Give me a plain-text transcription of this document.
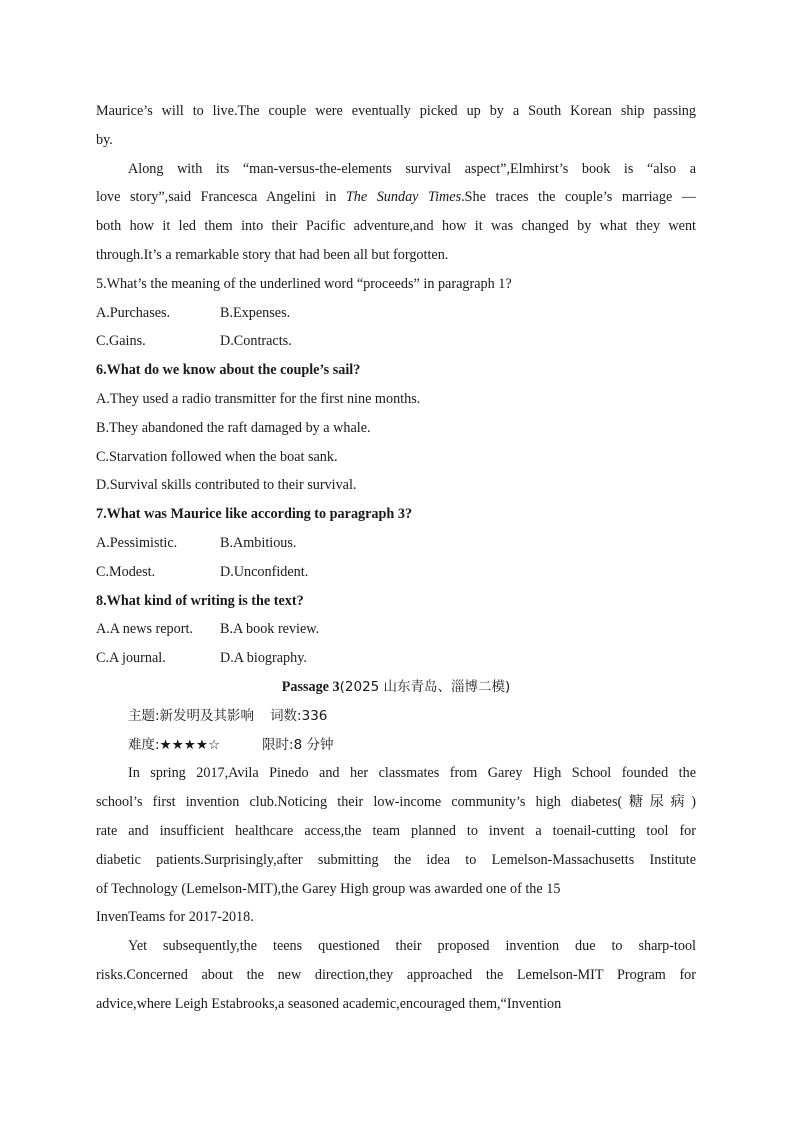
Maurice’s will to live.The couple were eventually picked up by a South Korean ship passing
by.
Along with its “man-versus-the-elements survival aspect”,Elmhirst’s book is “also a
love story”,said Francesca Angelini in The Sunday Times.She traces the couple’s marriage —
both how it led them into their Pacific adventure,and how it was changed by what they went
through.It’s a remarkable story that had been all but forgotten.
5.What’s the meaning of the underlined word “proceeds” in paragraph 1?
A.Purchases.	B.Expenses.
C.Gains.	D.Contracts.
6.What do we know about the couple’s sail?
A.They used a radio transmitter for the first nine months.
B.They abandoned the raft damaged by a whale.
C.Starvation followed when the boat sank.
D.Survival skills contributed to their survival.
7.What was Maurice like according to paragraph 3?
A.Pessimistic.	B.Ambitious.
C.Modest.	D.Unconfident.
8.What kind of writing is the text?
A.A news report. B.A book review.
C.A journal.	D.A biography.
Passage 3(2025 山东青岛、淄博二模)
主题:新发明及其影响 词数:336
难度:★★★★☆	限时:8 分钟
In spring 2017,Avila Pinedo and her classmates from Garey High School founded the
school’s first invention club.Noticing their low-income community’s high diabetes(糖尿病)
rate and insufficient healthcare access,the team planned to invent a toenail-cutting tool for
diabetic patients.Surprisingly,after submitting the idea to Lemelson-Massachusetts Institute
of Technology (Lemelson-MIT),the Garey High group was awarded one of the 15
InvenTeams for 2017-2018.
Yet subsequently,the teens questioned their proposed invention due to sharp-tool
risks.Concerned about the new direction,they approached the Lemelson-MIT Program for
advice,where Leigh Estabrooks,a seasoned academic,encouraged them,“Invention
